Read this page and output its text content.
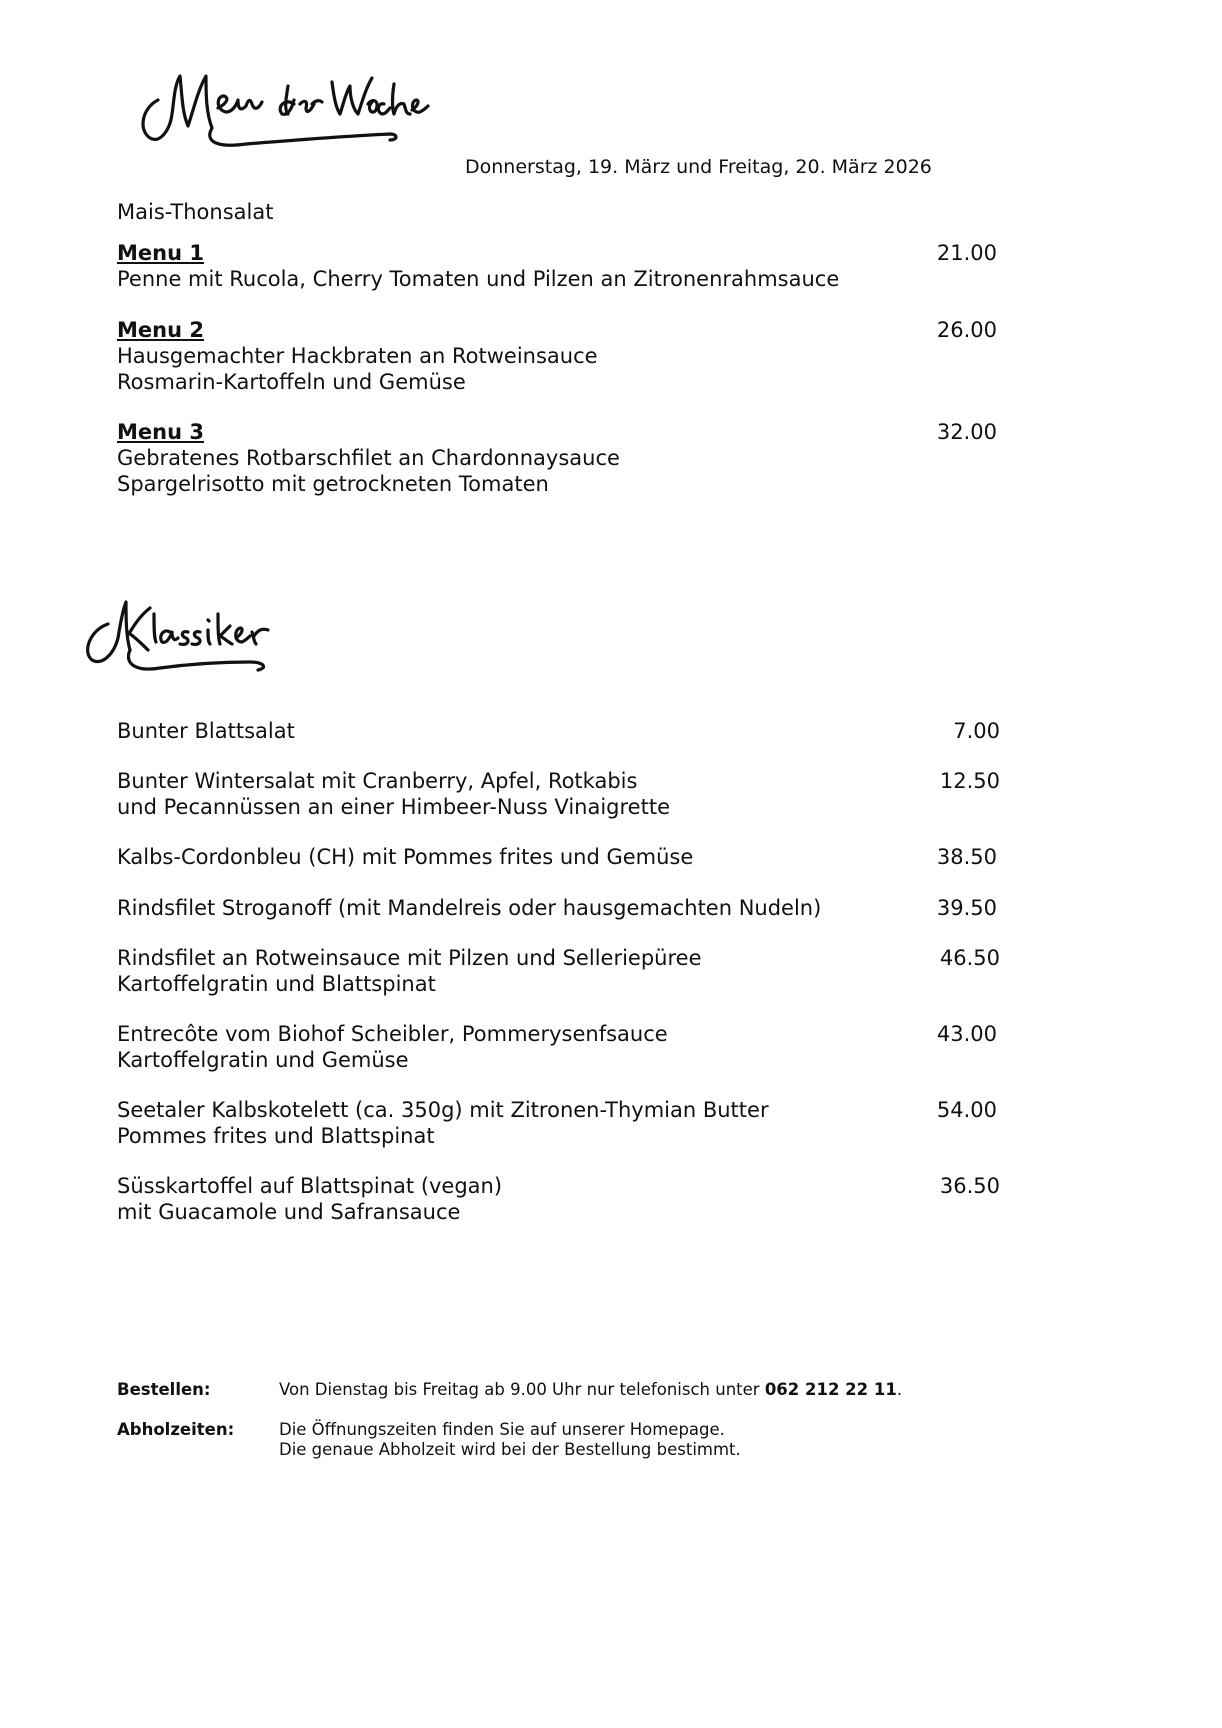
Donnerstag, 19. März und Freitag, 20. März 2026
Mais-Thonsalat
Menu 1	21.00
Penne mit Rucola, Cherry Tomaten und Pilzen an Zitronenrahmsauce
Menu 2	26.00
Hausgemachter Hackbraten an Rotweinsauce
Rosmarin-Kartoffeln und Gemüse
Menu 3	32.00
Gebratenes Rotbarschfilet an Chardonnaysauce
Spargelrisotto mit getrockneten Tomaten
Bunter Blattsalat	7.00
Bunter Wintersalat mit Cranberry, Apfel, Rotkabis	12.50
und Pecannüssen an einer Himbeer-Nuss Vinaigrette
Kalbs-Cordonbleu (CH) mit Pommes frites und Gemüse	38.50
Rindsfilet Stroganoff (mit Mandelreis oder hausgemachten Nudeln)	39.50
Rindsfilet an Rotweinsauce mit Pilzen und Selleriepüree	46.50
Kartoffelgratin und Blattspinat
Entrecôte vom Biohof Scheibler, Pommerysenfsauce	43.00
Kartoffelgratin und Gemüse
Seetaler Kalbskotelett (ca. 350g) mit Zitronen-Thymian Butter	54.00
Pommes frites und Blattspinat
Süsskartoffel auf Blattspinat (vegan)	36.50
mit Guacamole und Safransauce
Bestellen:	Von Dienstag bis Freitag ab 9.00 Uhr nur telefonisch unter 062 212 22 11.
Abholzeiten:	Die Öffnungszeiten finden Sie auf unserer Homepage.
Die genaue Abholzeit wird bei der Bestellung bestimmt.
